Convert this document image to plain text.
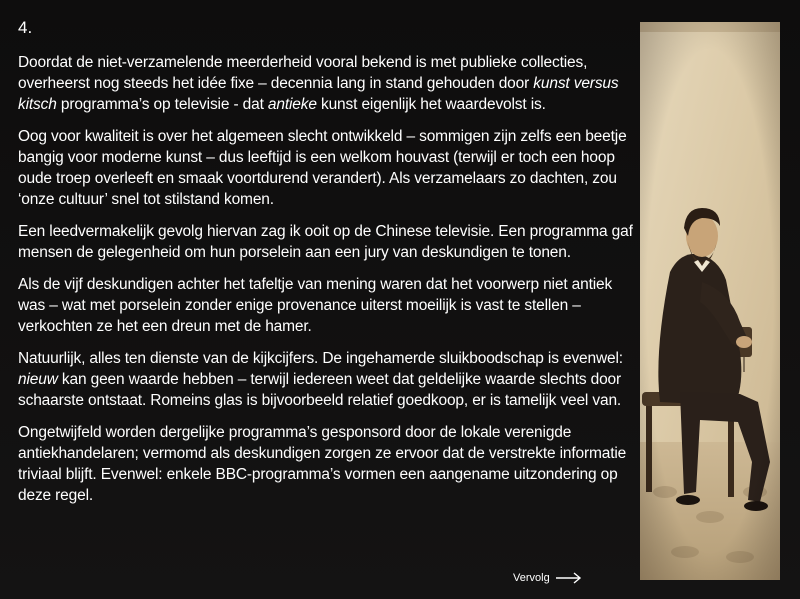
4.

Doordat de niet-verzamelende meerderheid vooral bekend is met publieke collecties, overheerst nog steeds het idée fixe – decennia lang in stand gehouden door kunst versus kitsch programma’s op televisie - dat antieke kunst eigenlijk het waardevolst is.

Oog voor kwaliteit is over het algemeen slecht ontwikkeld – sommigen zijn zelfs een beetje bangig voor moderne kunst – dus leeftijd is een welkom houvast (terwijl er toch een hoop oude troep overleeft en smaak voortdurend verandert). Als verzamelaars zo dachten, zou ‘onze cultuur’ snel tot stilstand komen.

Een leedvermakelijk gevolg hiervan zag ik ooit op de Chinese televisie. Een programma gaf mensen de gelegenheid om hun porselein aan een jury van deskundigen te tonen.

Als de vijf deskundigen achter het tafeltje van mening waren dat het voorwerp niet antiek was – wat met porselein zonder enige provenance uiterst moeilijk is vast te stellen – verkochten ze het een dreun met de hamer.

Natuurlijk, alles ten dienste van de kijkcijfers. De ingehamerde sluikboodschap is evenwel: nieuw kan geen waarde hebben – terwijl iedereen weet dat geldelijke waarde slechts door schaarste ontstaat. Romeins glas is bijvoorbeeld relatief goedkoop, er is tamelijk veel van.

Ongetwijfeld worden dergelijke programma’s gesponsord door de lokale verenigde antiekhandelaren; vermomd als deskundigen zorgen ze ervoor dat de verstrekte informatie triviaal blijft. Evenwel: enkele BBC-programma’s vormen een aangename uitzondering op deze regel.

Vervolg
